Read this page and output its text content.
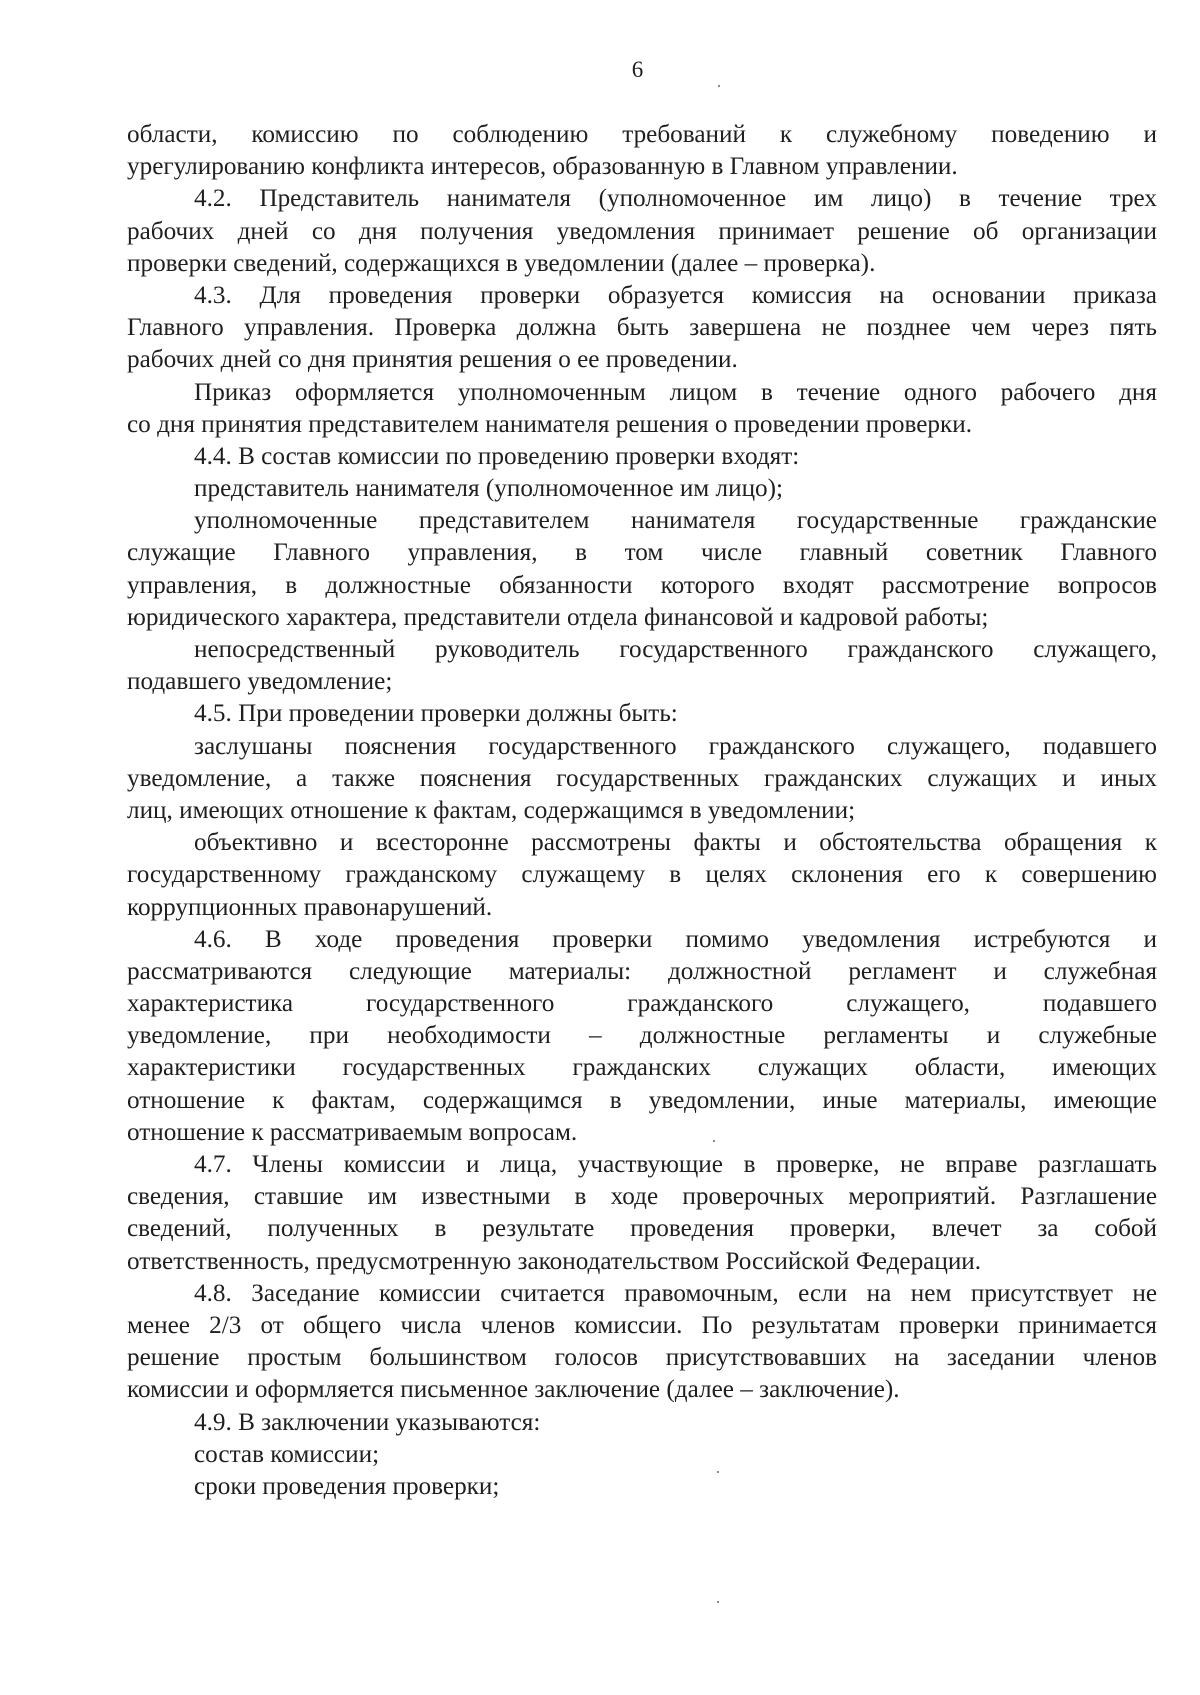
6
области, комиссию по соблюдению требований к служебному поведению и
урегулированию конфликта интересов, образованную в Главном управлении.
4.2. Представитель нанимателя (уполномоченное им лицо) в течение трех
рабочих дней со дня получения уведомления принимает решение об организации
проверки сведений, содержащихся в уведомлении (далее – проверка).
4.3. Для проведения проверки образуется комиссия на основании приказа
Главного управления. Проверка должна быть завершена не позднее чем через пять
рабочих дней со дня принятия решения о ее проведении.
Приказ оформляется уполномоченным лицом в течение одного рабочего дня
со дня принятия представителем нанимателя решения о проведении проверки.
4.4. В состав комиссии по проведению проверки входят:
представитель нанимателя (уполномоченное им лицо);
уполномоченные представителем нанимателя государственные гражданские
служащие Главного управления, в том числе главный советник Главного
управления, в должностные обязанности которого входят рассмотрение вопросов
юридического характера, представители отдела финансовой и кадровой работы;
непосредственный руководитель государственного гражданского служащего,
подавшего уведомление;
4.5. При проведении проверки должны быть:
заслушаны пояснения государственного гражданского служащего, подавшего
уведомление, а также пояснения государственных гражданских служащих и иных
лиц, имеющих отношение к фактам, содержащимся в уведомлении;
объективно и всесторонне рассмотрены факты и обстоятельства обращения к
государственному гражданскому служащему в целях склонения его к совершению
коррупционных правонарушений.
4.6. В ходе проведения проверки помимо уведомления истребуются и
рассматриваются следующие материалы: должностной регламент и служебная
характеристика государственного гражданского служащего, подавшего
уведомление, при необходимости – должностные регламенты и служебные
характеристики государственных гражданских служащих области, имеющих
отношение к фактам, содержащимся в уведомлении, иные материалы, имеющие
отношение к рассматриваемым вопросам.
4.7. Члены комиссии и лица, участвующие в проверке, не вправе разглашать
сведения, ставшие им известными в ходе проверочных мероприятий. Разглашение
сведений, полученных в результате проведения проверки, влечет за собой
ответственность, предусмотренную законодательством Российской Федерации.
4.8. Заседание комиссии считается правомочным, если на нем присутствует не
менее 2/3 от общего числа членов комиссии. По результатам проверки принимается
решение простым большинством голосов присутствовавших на заседании членов
комиссии и оформляется письменное заключение (далее – заключение).
4.9. В заключении указываются:
состав комиссии;
сроки проведения проверки;
